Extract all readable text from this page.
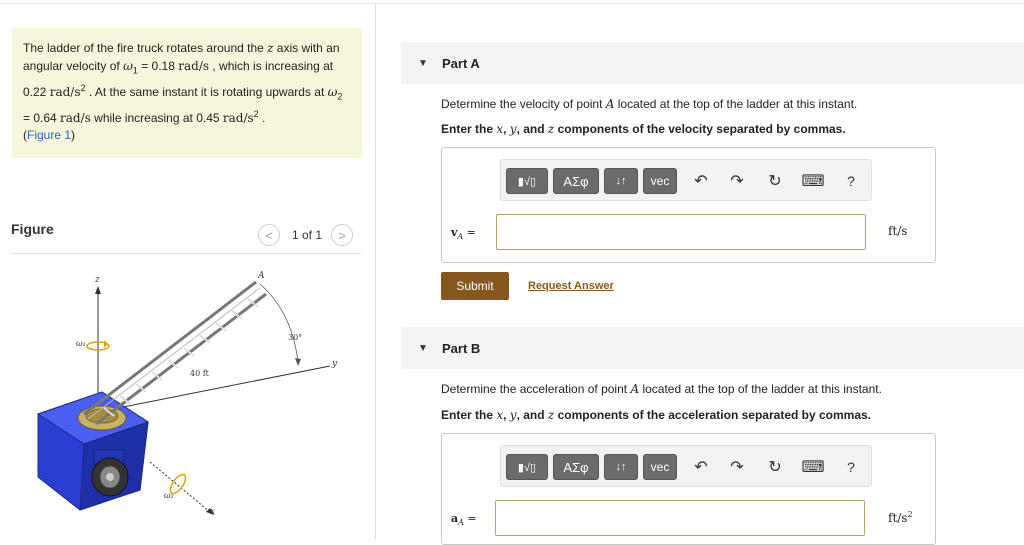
The ladder of the fire truck rotates around the z axis with an angular velocity of $\omega_1 = 0.18$ rad/s , which is increasing at 0.22 rad/$s^2$ . At the same instant it is rotating upwards at $\omega_2 = 0.64$ rad/s while increasing at 0.45 rad/$s^2$ .
(Figure 1)
Figure	<	1 of 1	>
z	A
30°
40 ft
y
x
ω₁
ω₂
▼	Part A
Determine the velocity of point A located at the top of the ladder at this instant.
Enter the x, y, and z components of the velocity separated by commas.
▮√▯	ΑΣφ	↓↑	vec	↶	↷	↻	⌨	?
$v_A$ =	ft/s
Submit	Request Answer
▼	Part B
Determine the acceleration of point A located at the top of the ladder at this instant.
Enter the x, y, and z components of the acceleration separated by commas.
▮√▯	ΑΣφ	↓↑	vec	↶	↷	↻	⌨	?
$a_A$ =	$ft/s^2$
